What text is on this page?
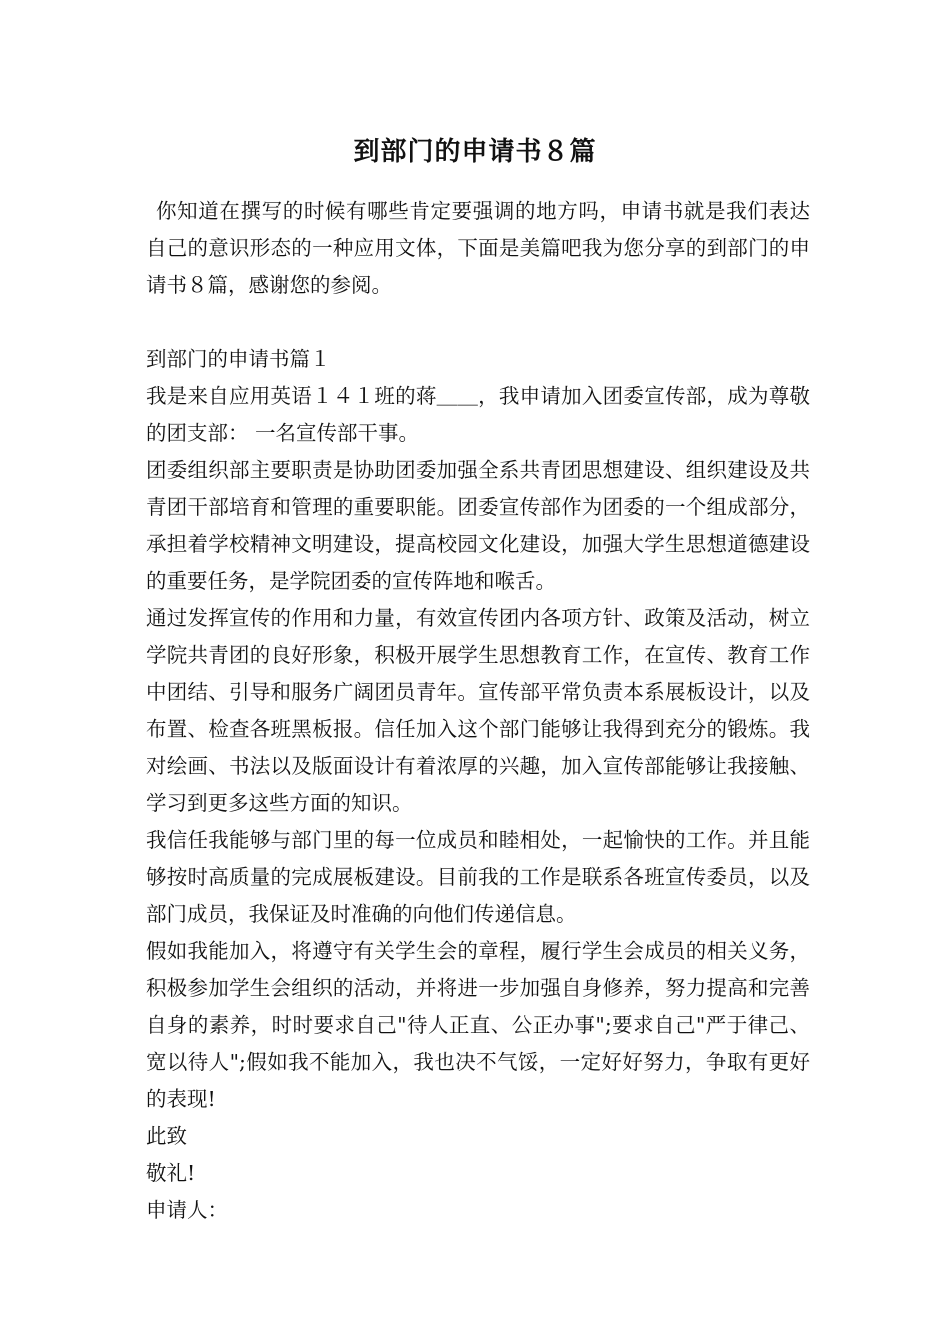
到部门的申请书８篇

你知道在撰写的时候有哪些肯定要强调的地方吗，申请书就是我们表达自己的意识形态的一种应用文体，下面是美篇吧我为您分享的到部门的申请书８篇，感谢您的参阅。

到部门的申请书篇１

我是来自应用英语１４１班的蒋＿＿，我申请加入团委宣传部，成为尊敬的团支部： 一名宣传部干事。

团委组织部主要职责是协助团委加强全系共青团思想建设、组织建设及共青团干部培育和管理的重要职能。团委宣传部作为团委的一个组成部分，承担着学校精神文明建设，提高校园文化建设，加强大学生思想道德建设的重要任务，是学院团委的宣传阵地和喉舌。

通过发挥宣传的作用和力量，有效宣传团内各项方针、政策及活动，树立学院共青团的良好形象，积极开展学生思想教育工作，在宣传、教育工作中团结、引导和服务广阔团员青年。宣传部平常负责本系展板设计，以及布置、检查各班黑板报。信任加入这个部门能够让我得到充分的锻炼。我对绘画、书法以及版面设计有着浓厚的兴趣，加入宣传部能够让我接触、学习到更多这些方面的知识。

我信任我能够与部门里的每一位成员和睦相处，一起愉快的工作。并且能够按时高质量的完成展板建设。目前我的工作是联系各班宣传委员，以及部门成员，我保证及时准确的向他们传递信息。

假如我能加入，将遵守有关学生会的章程，履行学生会成员的相关义务，积极参加学生会组织的活动，并将进一步加强自身修养，努力提高和完善自身的素养，时时要求自己"待人正直、公正办事";要求自己"严于律己、宽以待人";假如我不能加入，我也决不气馁，一定好好努力，争取有更好的表现!

此致

敬礼!

申请人：
